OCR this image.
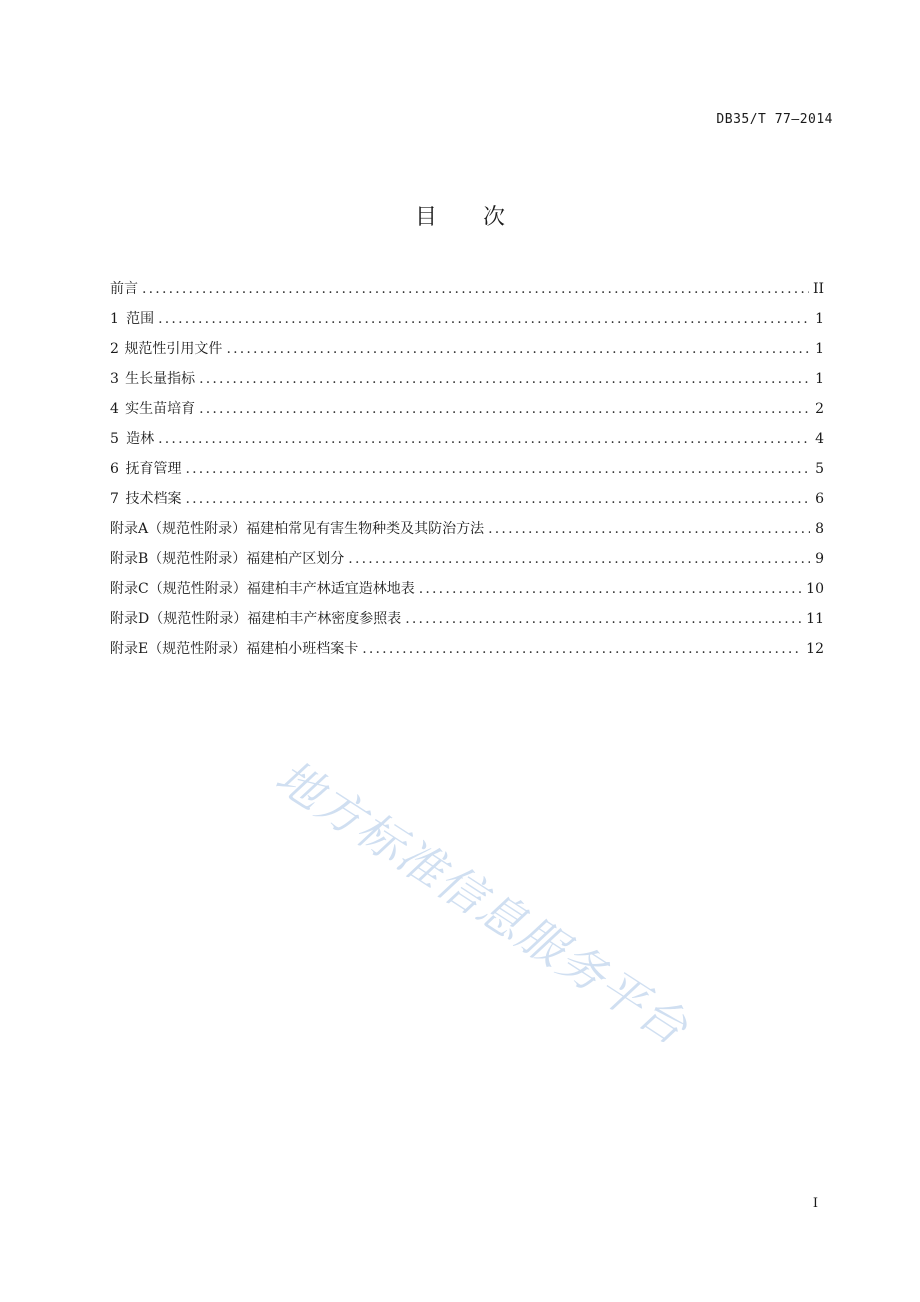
DB35/T 77—2014
目 次
前言 .....	II
1 范围 .....	1
2 规范性引用文件 .....	1
3 生长量指标 .....	1
4 实生苗培育 .....	2
5 造林 .....	4
6 抚育管理 .....	5
7 技术档案 .....	6
附录A（规范性附录） 福建柏常见有害生物种类及其防治方法 .....	8
附录B（规范性附录） 福建柏产区划分 .....	9
附录C（规范性附录） 福建柏丰产林适宜造林地表 .....	10
附录D（规范性附录） 福建柏丰产林密度参照表 .....	11
附录E（规范性附录） 福建柏小班档案卡 .....	12
地方标准信息服务平台
I
